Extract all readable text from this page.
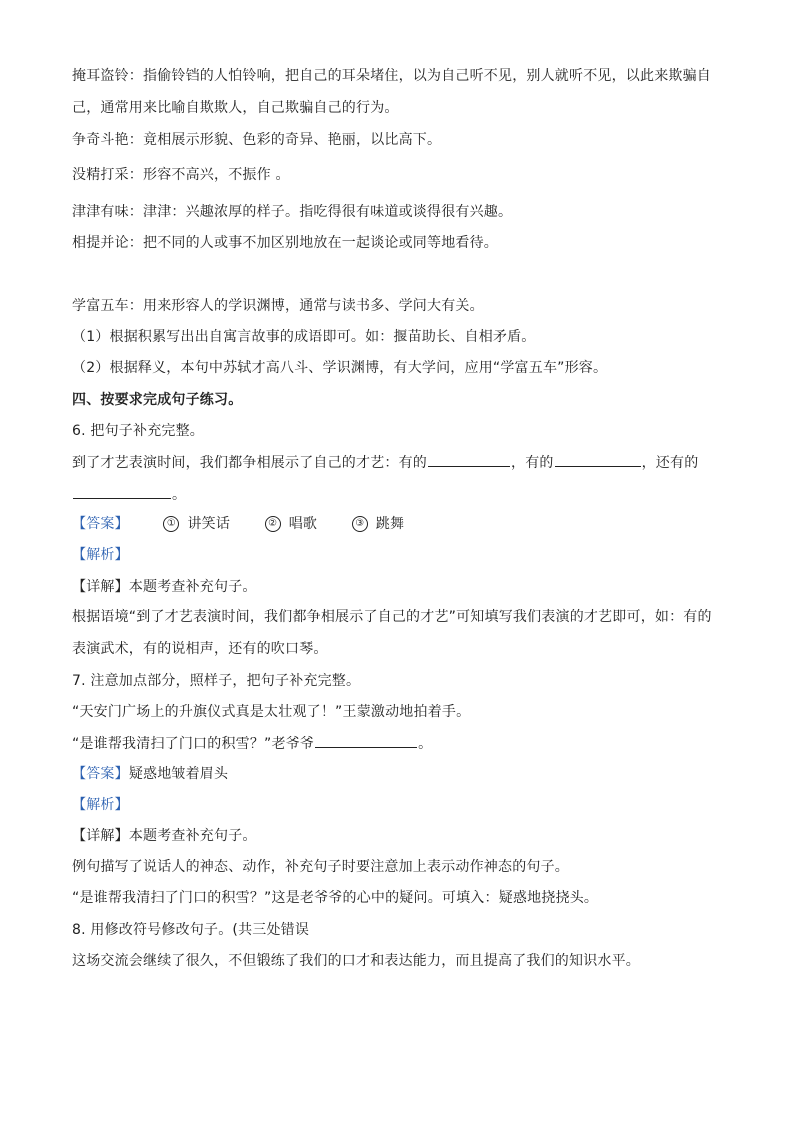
掩耳盗铃：指偷铃铛的人怕铃响，把自己的耳朵堵住，以为自己听不见，别人就听不见，以此来欺骗自
己，通常用来比喻自欺欺人，自己欺骗自己的行为。
争奇斗艳：竟相展示形貌、色彩的奇异、艳丽，以比高下。
没精打采：形容不高兴，不振作 。
津津有味：津津：兴趣浓厚的样子。指吃得很有味道或谈得很有兴趣。
相提并论：把不同的人或事不加区别地放在一起谈论或同等地看待。
学富五车：用来形容人的学识渊博，通常与读书多、学问大有关。
（1）根据积累写出出自寓言故事的成语即可。如：揠苗助长、自相矛盾。
（2）根据释义，本句中苏轼才高八斗、学识渊博，有大学问，应用“学富五车”形容。
四、按要求完成句子练习。
6. 把句子补充完整。
到了才艺表演时间，我们都争相展示了自己的才艺：有的	，有的	，还有的
。
【答案】	① 讲笑话	② 唱歌	③ 跳舞
【解析】
【详解】本题考查补充句子。
根据语境“到了才艺表演时间，我们都争相展示了自己的才艺”可知填写我们表演的才艺即可，如：有的
表演武术，有的说相声，还有的吹口琴。
7. 注意加点部分，照样子，把句子补充完整。
“天安门广场上的升旗仪式真是太壮观了！”王蒙激动地拍着手。
“是谁帮我清扫了门口的积雪？”老爷爷	。
【答案】疑惑地皱着眉头
【解析】
【详解】本题考查补充句子。
例句描写了说话人的神态、动作，补充句子时要注意加上表示动作神态的句子。
“是谁帮我清扫了门口的积雪？”这是老爷爷的心中的疑问。可填入：疑惑地挠挠头。
8. 用修改符号修改句子。(共三处错误
这场交流会继续了很久，不但锻练了我们的口才和表达能力，而且提高了我们的知识水平。
